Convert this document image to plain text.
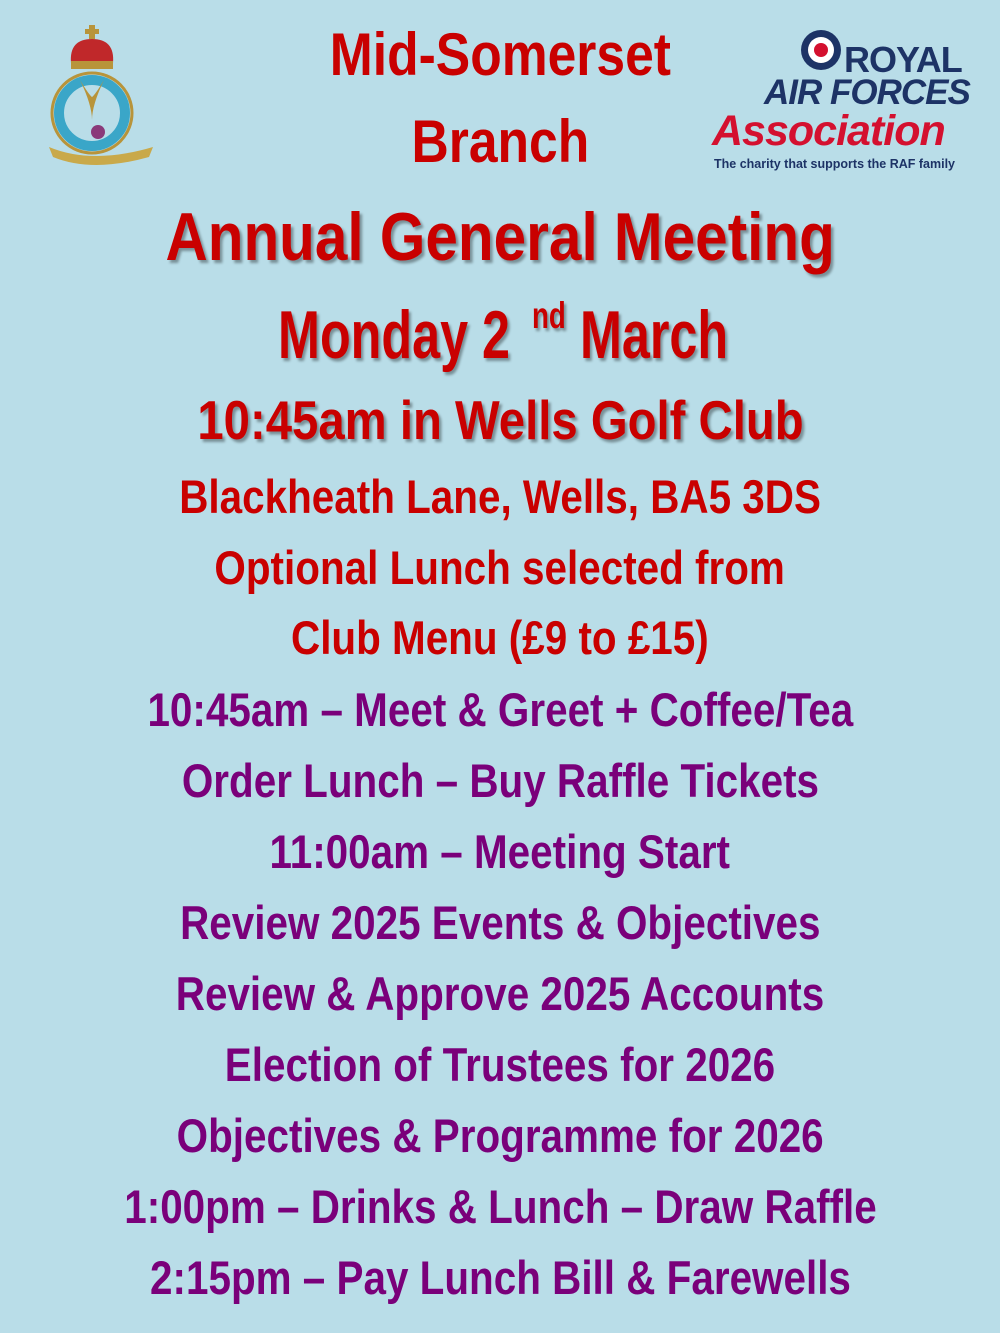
ROYAL
AIR FORCES
Association
The charity that supports the RAF family
Mid-Somerset
Branch
Annual General Meeting
Monday 2 ndMarch
10:45am in Wells Golf Club
Blackheath Lane, Wells, BA5 3DS
Optional Lunch selected from
Club Menu (£9 to £15)
10:45am – Meet & Greet + Coffee/Tea
Order Lunch – Buy Raffle Tickets
11:00am – Meeting Start
Review 2025 Events & Objectives
Review & Approve 2025 Accounts
Election of Trustees for 2026
Objectives & Programme for 2026
1:00pm – Drinks & Lunch – Draw Raffle
2:15pm – Pay Lunch Bill & Farewells
